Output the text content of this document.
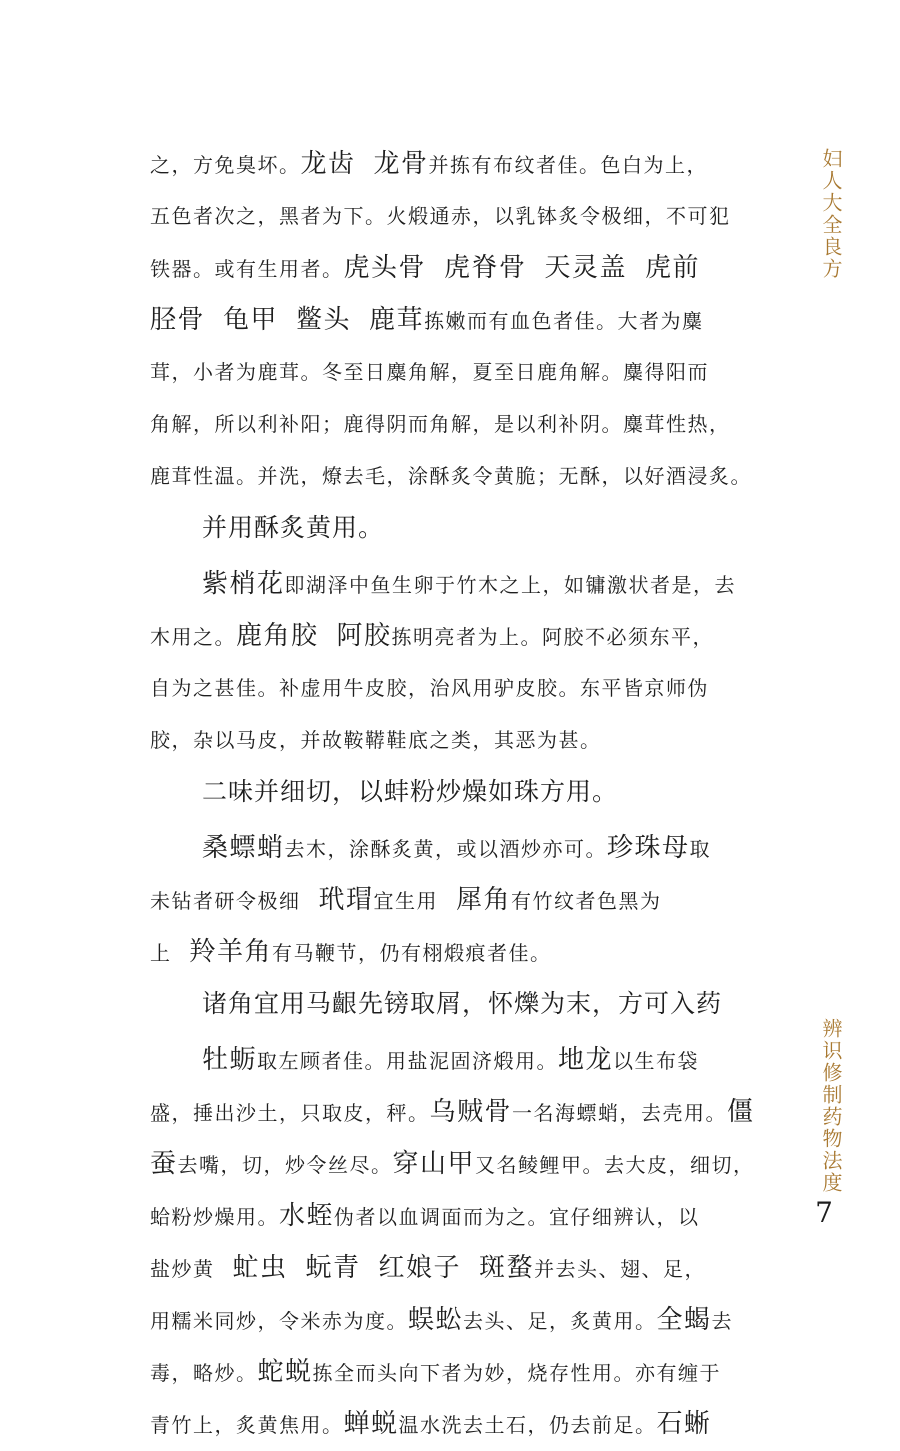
妇人大全良方
辨识修制药物法度
7
之，方免臭坏。龙齿 龙骨并拣有布纹者佳。色白为上，
五色者次之，黑者为下。火煅通赤，以乳钵炙令极细，不可犯
铁器。或有生用者。虎头骨 虎脊骨 天灵盖 虎前
胫骨 龟甲 鳖头 鹿茸拣嫩而有血色者佳。大者为麋
茸，小者为鹿茸。冬至日麋角解，夏至日鹿角解。麋得阳而
角解，所以利补阳；鹿得阴而角解，是以利补阴。麋茸性热，
鹿茸性温。并洗，燎去毛，涂酥炙令黄脆；无酥，以好酒浸炙。
并用酥炙黄用。
紫梢花即湖泽中鱼生卵于竹木之上，如镛激状者是，去
木用之。鹿角胶 阿胶拣明亮者为上。阿胶不必须东平，
自为之甚佳。补虚用牛皮胶，治风用驴皮胶。东平皆京师伪
胶，杂以马皮，并故鞍鞯鞋底之类，其恶为甚。
二味并细切，以蚌粉炒燥如珠方用。
桑螵蛸去木，涂酥炙黄，或以酒炒亦可。珍珠母取
未钻者研令极细 玳瑁宜生用 犀角有竹纹者色黑为
上 羚羊角有马鞭节，仍有栩煅痕者佳。
诸角宜用马齦先镑取屑，怀爍为末，方可入药
牡蛎取左顾者佳。用盐泥固济煅用。地龙以生布袋
盛，捶出沙土，只取皮，秤。乌贼骨一名海螵蛸，去壳用。僵
蚕去嘴，切，炒令丝尽。穿山甲又名鲮鲤甲。去大皮，细切，
蛤粉炒燥用。水蛭伪者以血调面而为之。宜仔细辨认，以
盐炒黄 虻虫 蚖青 红娘子 斑蝥并去头、翅、足，
用糯米同炒，令米赤为度。蜈蚣去头、足，炙黄用。全蝎去
毒，略炒。蛇蜕拣全而头向下者为妙，烧存性用。亦有缠于
青竹上，炙黄焦用。蝉蜕温水洗去土石，仍去前足。石蜥
